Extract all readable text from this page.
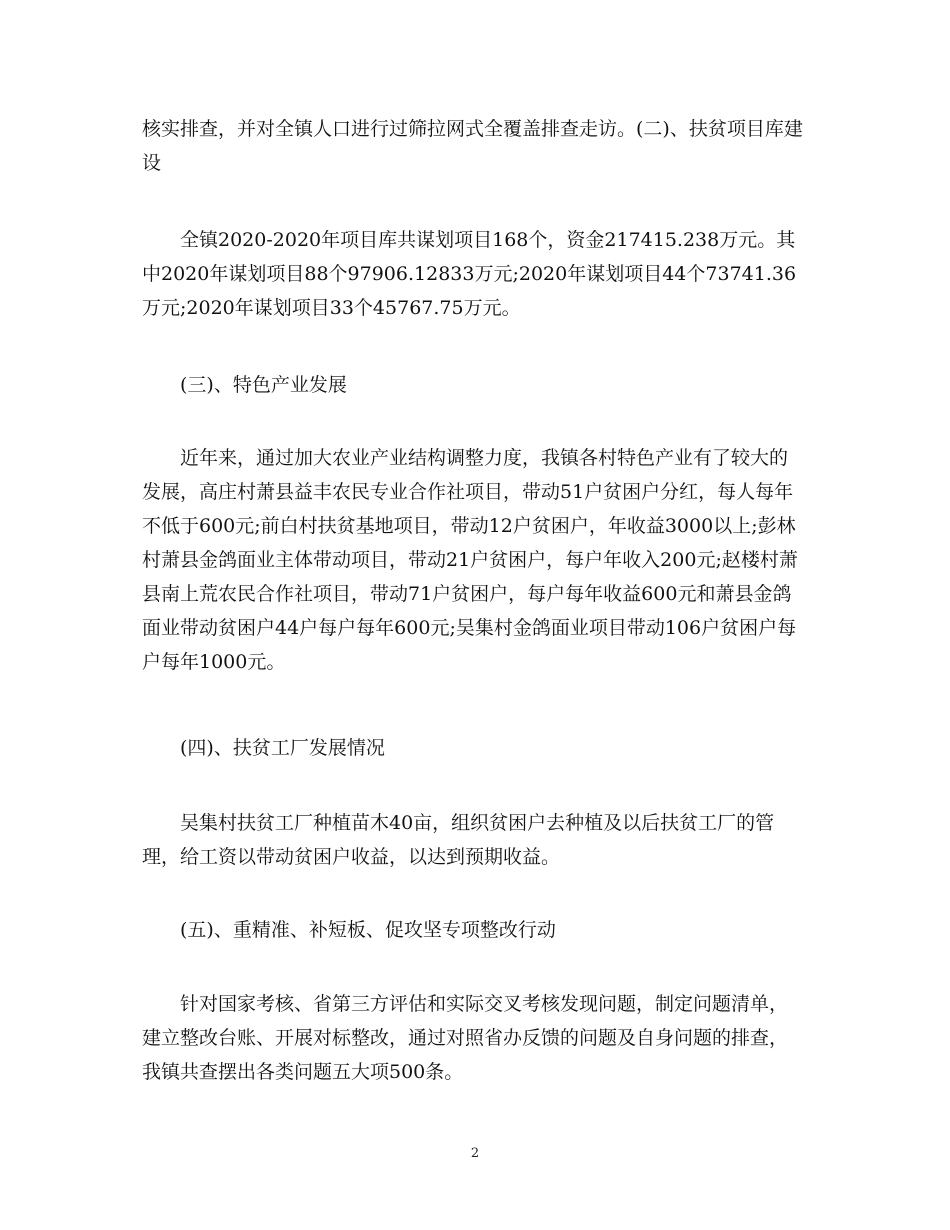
核实排查，并对全镇人口进行过筛拉网式全覆盖排查走访。(二)、扶贫项目库建设

全镇2020-2020年项目库共谋划项目168个，资金217415.238万元。其中2020年谋划项目88个97906.12833万元;2020年谋划项目44个73741.36万元;2020年谋划项目33个45767.75万元。

(三)、特色产业发展

近年来，通过加大农业产业结构调整力度，我镇各村特色产业有了较大的发展，高庄村萧县益丰农民专业合作社项目，带动51户贫困户分红，每人每年不低于600元;前白村扶贫基地项目，带动12户贫困户，年收益3000以上;彭林村萧县金鸽面业主体带动项目，带动21户贫困户，每户年收入200元;赵楼村萧县南上荒农民合作社项目，带动71户贫困户，每户每年收益600元和萧县金鸽面业带动贫困户44户每户每年600元;吴集村金鸽面业项目带动106户贫困户每户每年1000元。

(四)、扶贫工厂发展情况

吴集村扶贫工厂种植苗木40亩，组织贫困户去种植及以后扶贫工厂的管理，给工资以带动贫困户收益，以达到预期收益。

(五)、重精准、补短板、促攻坚专项整改行动

针对国家考核、省第三方评估和实际交叉考核发现问题，制定问题清单，建立整改台账、开展对标整改，通过对照省办反馈的问题及自身问题的排查，我镇共查摆出各类问题五大项500条。

2
